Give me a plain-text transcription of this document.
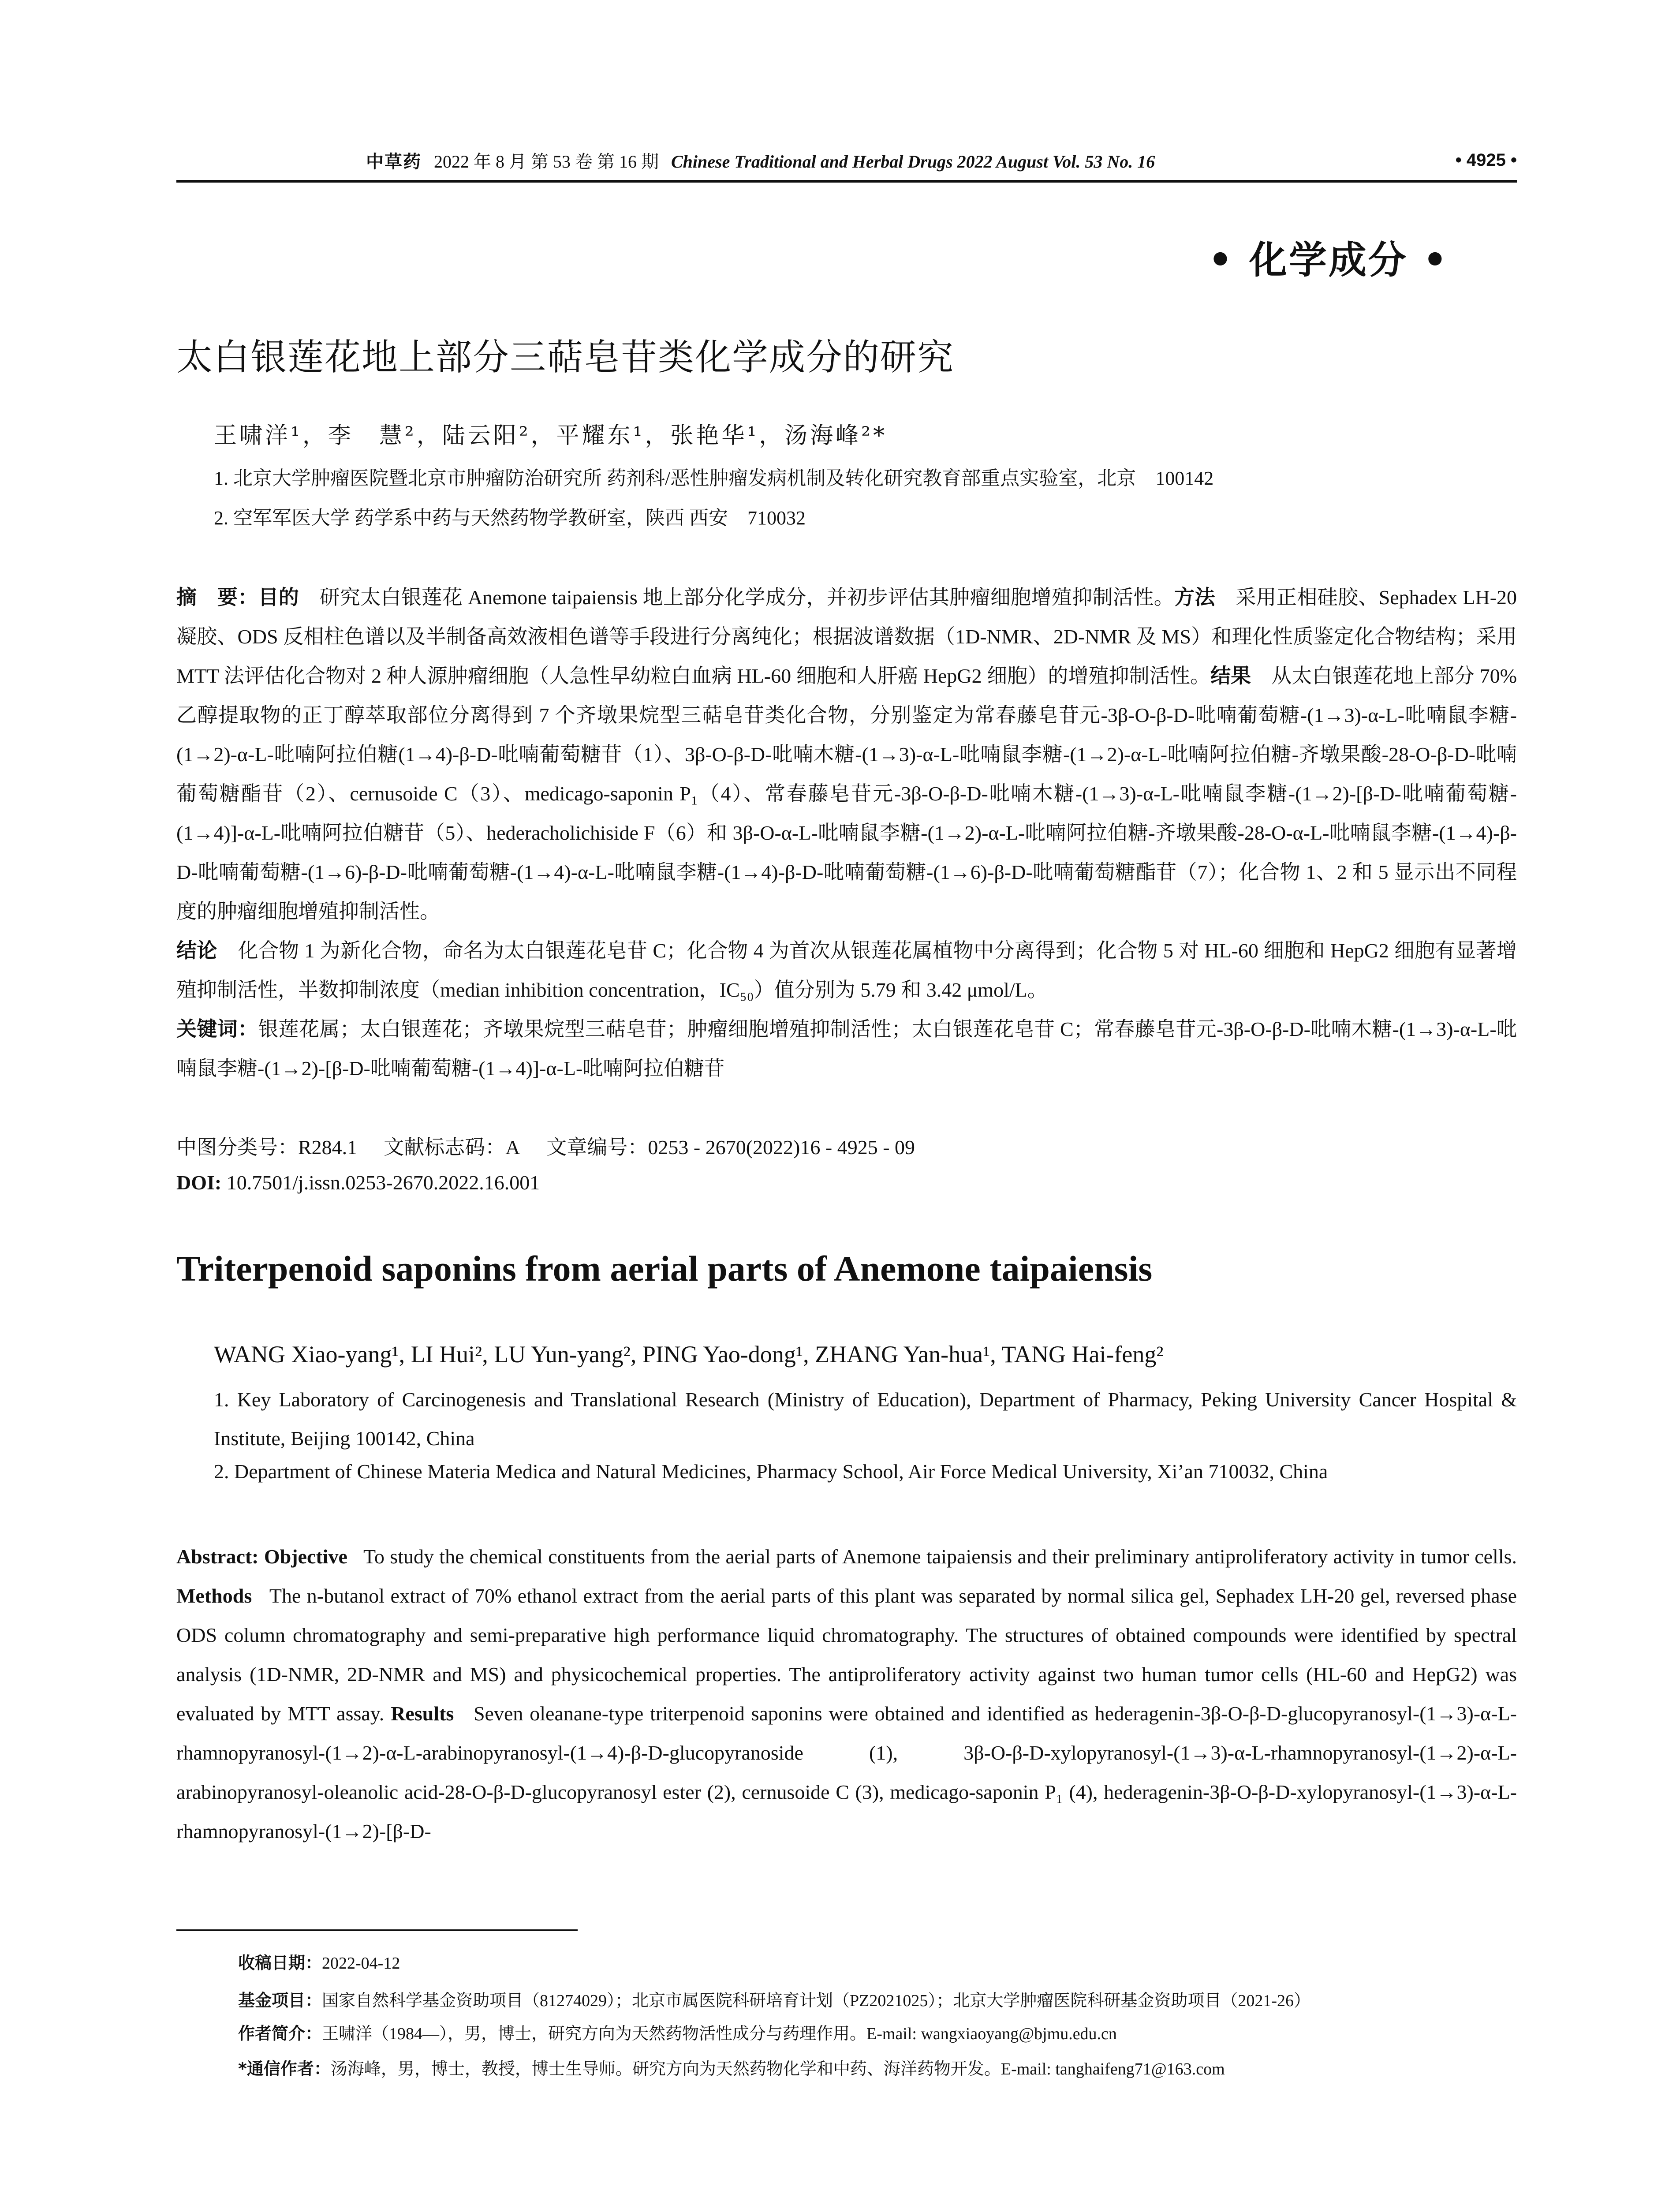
中草药 2022 年 8 月 第 53 卷 第 16 期 Chinese Traditional and Herbal Drugs 2022 August Vol. 53 No. 16	• 4925 •
• 化学成分 •
太白银莲花地上部分三萜皂苷类化学成分的研究
王啸洋¹，李　慧²，陆云阳²，平耀东¹，张艳华¹，汤海峰²*
1. 北京大学肿瘤医院暨北京市肿瘤防治研究所 药剂科/恶性肿瘤发病机制及转化研究教育部重点实验室，北京　100142
2. 空军军医大学 药学系中药与天然药物学教研室，陕西 西安　710032
摘　要：目的　 研究太白银莲花 Anemone taipaiensis 地上部分化学成分，并初步评估其肿瘤细胞增殖抑制活性。方法　 采用正相硅胶、Sephadex LH-20 凝胶、ODS 反相柱色谱以及半制备高效液相色谱等手段进行分离纯化；根据波谱数据（1D-NMR、2D-NMR 及 MS）和理化性质鉴定化合物结构；采用 MTT 法评估化合物对 2 种人源肿瘤细胞（人急性早幼粒白血病 HL-60 细胞和人肝癌 HepG2 细胞）的增殖抑制活性。结果　 从太白银莲花地上部分 70%乙醇提取物的正丁醇萃取部位分离得到 7 个齐墩果烷型三萜皂苷类化合物，分别鉴定为常春藤皂苷元-3β-O-β-D-吡喃葡萄糖-(1→3)-α-L-吡喃鼠李糖-(1→2)-α-L-吡喃阿拉伯糖(1→4)-β-D-吡喃葡萄糖苷（1）、3β-O-β-D-吡喃木糖-(1→3)-α-L-吡喃鼠李糖-(1→2)-α-L-吡喃阿拉伯糖-齐墩果酸-28-O-β-D-吡喃葡萄糖酯苷（2）、cernusoide C（3）、medicago-saponin P₁（4）、常春藤皂苷元-3β-O-β-D-吡喃木糖-(1→3)-α-L-吡喃鼠李糖-(1→2)-[β-D-吡喃葡萄糖-(1→4)]-α-L-吡喃阿拉伯糖苷（5）、hederacholichiside F（6）和 3β-O-α-L-吡喃鼠李糖-(1→2)-α-L-吡喃阿拉伯糖-齐墩果酸-28-O-α-L-吡喃鼠李糖-(1→4)-β-D-吡喃葡萄糖-(1→6)-β-D-吡喃葡萄糖-(1→4)-α-L-吡喃鼠李糖-(1→4)-β-D-吡喃葡萄糖-(1→6)-β-D-吡喃葡萄糖酯苷（7）；化合物 1、2 和 5 显示出不同程度的肿瘤细胞增殖抑制活性。
结论　 化合物 1 为新化合物，命名为太白银莲花皂苷 C；化合物 4 为首次从银莲花属植物中分离得到；化合物 5 对 HL-60 细胞和 HepG2 细胞有显著增殖抑制活性，半数抑制浓度（median inhibition concentration，IC₅₀）值分别为 5.79 和 3.42 μmol/L。
关键词：银莲花属；太白银莲花；齐墩果烷型三萜皂苷；肿瘤细胞增殖抑制活性；太白银莲花皂苷 C；常春藤皂苷元-3β-O-β-D-吡喃木糖-(1→3)-α-L-吡喃鼠李糖-(1→2)-[β-D-吡喃葡萄糖-(1→4)]-α-L-吡喃阿拉伯糖苷
中图分类号：R284.1 文献标志码：A 文章编号：0253 - 2670(2022)16 - 4925 - 09
DOI: 10.7501/j.issn.0253-2670.2022.16.001
Triterpenoid saponins from aerial parts of Anemone taipaiensis
WANG Xiao-yang¹, LI Hui², LU Yun-yang², PING Yao-dong¹, ZHANG Yan-hua¹, TANG Hai-feng²
1. Key Laboratory of Carcinogenesis and Translational Research (Ministry of Education), Department of Pharmacy, Peking University Cancer Hospital & Institute, Beijing 100142, China
2. Department of Chinese Materia Medica and Natural Medicines, Pharmacy School, Air Force Medical University, Xi’an 710032, China
Abstract: Objective To study the chemical constituents from the aerial parts of Anemone taipaiensis and their preliminary antiproliferatory activity in tumor cells. Methods The n-butanol extract of 70% ethanol extract from the aerial parts of this plant was separated by normal silica gel, Sephadex LH-20 gel, reversed phase ODS column chromatography and semi-preparative high performance liquid chromatography. The structures of obtained compounds were identified by spectral analysis (1D-NMR, 2D-NMR and MS) and physicochemical properties. The antiproliferatory activity against two human tumor cells (HL-60 and HepG2) was evaluated by MTT assay. Results Seven oleanane-type triterpenoid saponins were obtained and identified as hederagenin-3β-O-β-D-glucopyranosyl-(1→3)-α-L-rhamnopyranosyl-(1→2)-α-L-arabinopyranosyl-(1→4)-β-D-glucopyranoside (1), 3β-O-β-D-xylopyranosyl-(1→3)-α-L-rhamnopyranosyl-(1→2)-α-L-arabinopyranosyl-oleanolic acid-28-O-β-D-glucopyranosyl ester (2), cernusoide C (3), medicago-saponin P₁ (4), hederagenin-3β-O-β-D-xylopyranosyl-(1→3)-α-L-rhamnopyranosyl-(1→2)-[β-D-
收稿日期：2022-04-12
基金项目：国家自然科学基金资助项目（81274029）；北京市属医院科研培育计划（PZ2021025）；北京大学肿瘤医院科研基金资助项目（2021-26）
作者简介：王啸洋（1984—），男，博士，研究方向为天然药物活性成分与药理作用。E-mail: wangxiaoyang@bjmu.edu.cn
*通信作者：汤海峰，男，博士，教授，博士生导师。研究方向为天然药物化学和中药、海洋药物开发。E-mail: tanghaifeng71@163.com
